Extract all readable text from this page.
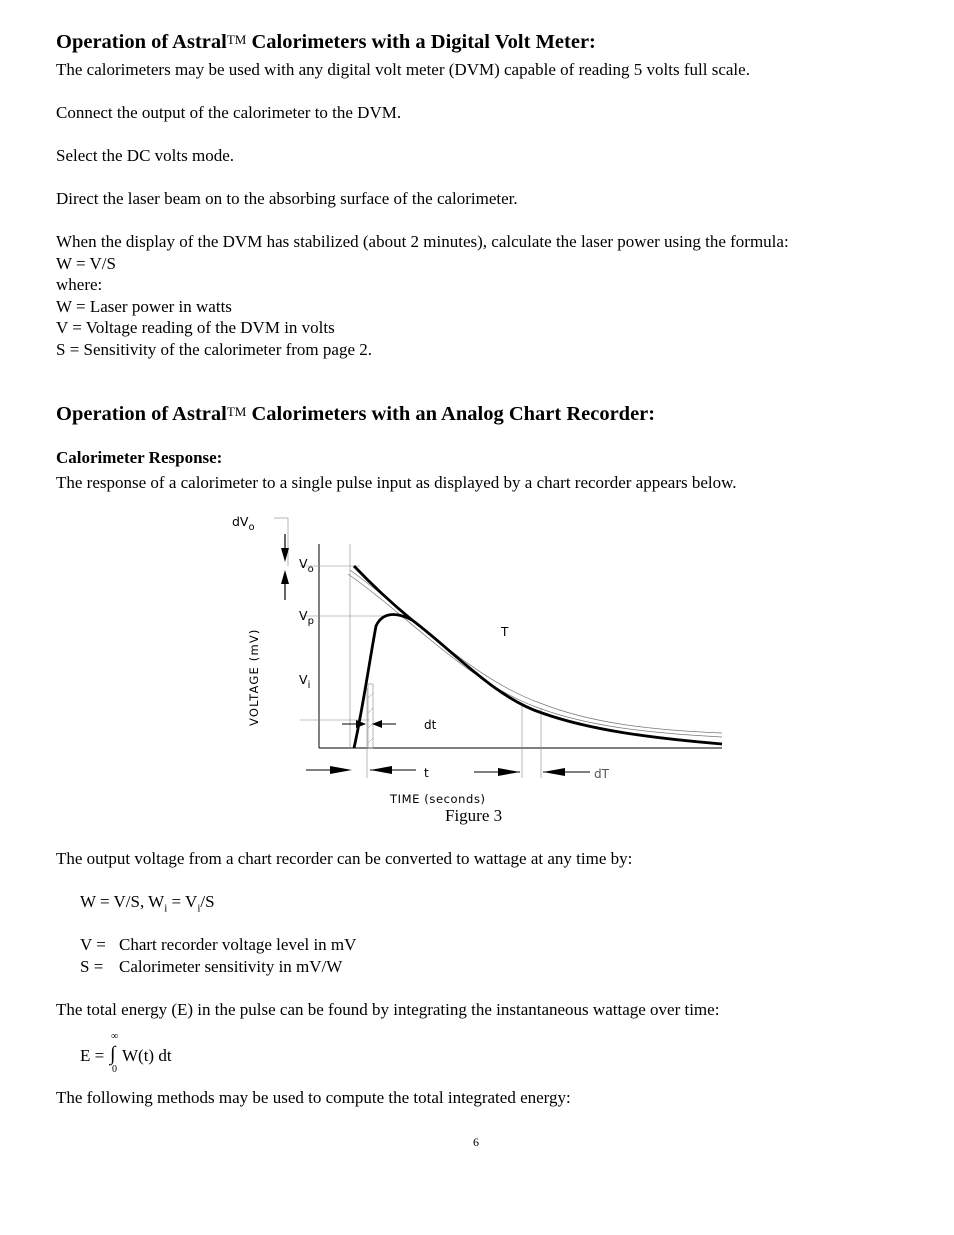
Operation of AstralTM Calorimeters with a Digital Volt Meter:
The calorimeters may be used with any digital volt meter (DVM) capable of reading 5 volts full scale.
Connect the output of the calorimeter to the DVM.
Select the DC volts mode.
Direct the laser beam on to the absorbing surface of the calorimeter.
When the display of the DVM has stabilized (about 2 minutes), calculate the laser power using the formula:
W = V/S
where:
W = Laser power in watts
V = Voltage reading of the DVM in volts
S = Sensitivity of the calorimeter from page 2.
Operation of AstralTM Calorimeters with an Analog Chart Recorder:
Calorimeter Response:
The response of a calorimeter to a single pulse input as displayed by a chart recorder appears below.
$dV_o$
$V_o$
$V_p$
$V_i$
T
dt
t	dT
VOLTAGE (mV)
TIME (seconds)
Figure 3
The output voltage from a chart recorder can be converted to wattage at any time by:
W = V/S, $W_i = V_i/S$
V = Chart recorder voltage level in mV
S = Calorimeter sensitivity in mV/W
The total energy (E) in the pulse can be found by integrating the instantaneous wattage over time:
E = ∫
∞
0
W(t) dt
The following methods may be used to compute the total integrated energy:
6
